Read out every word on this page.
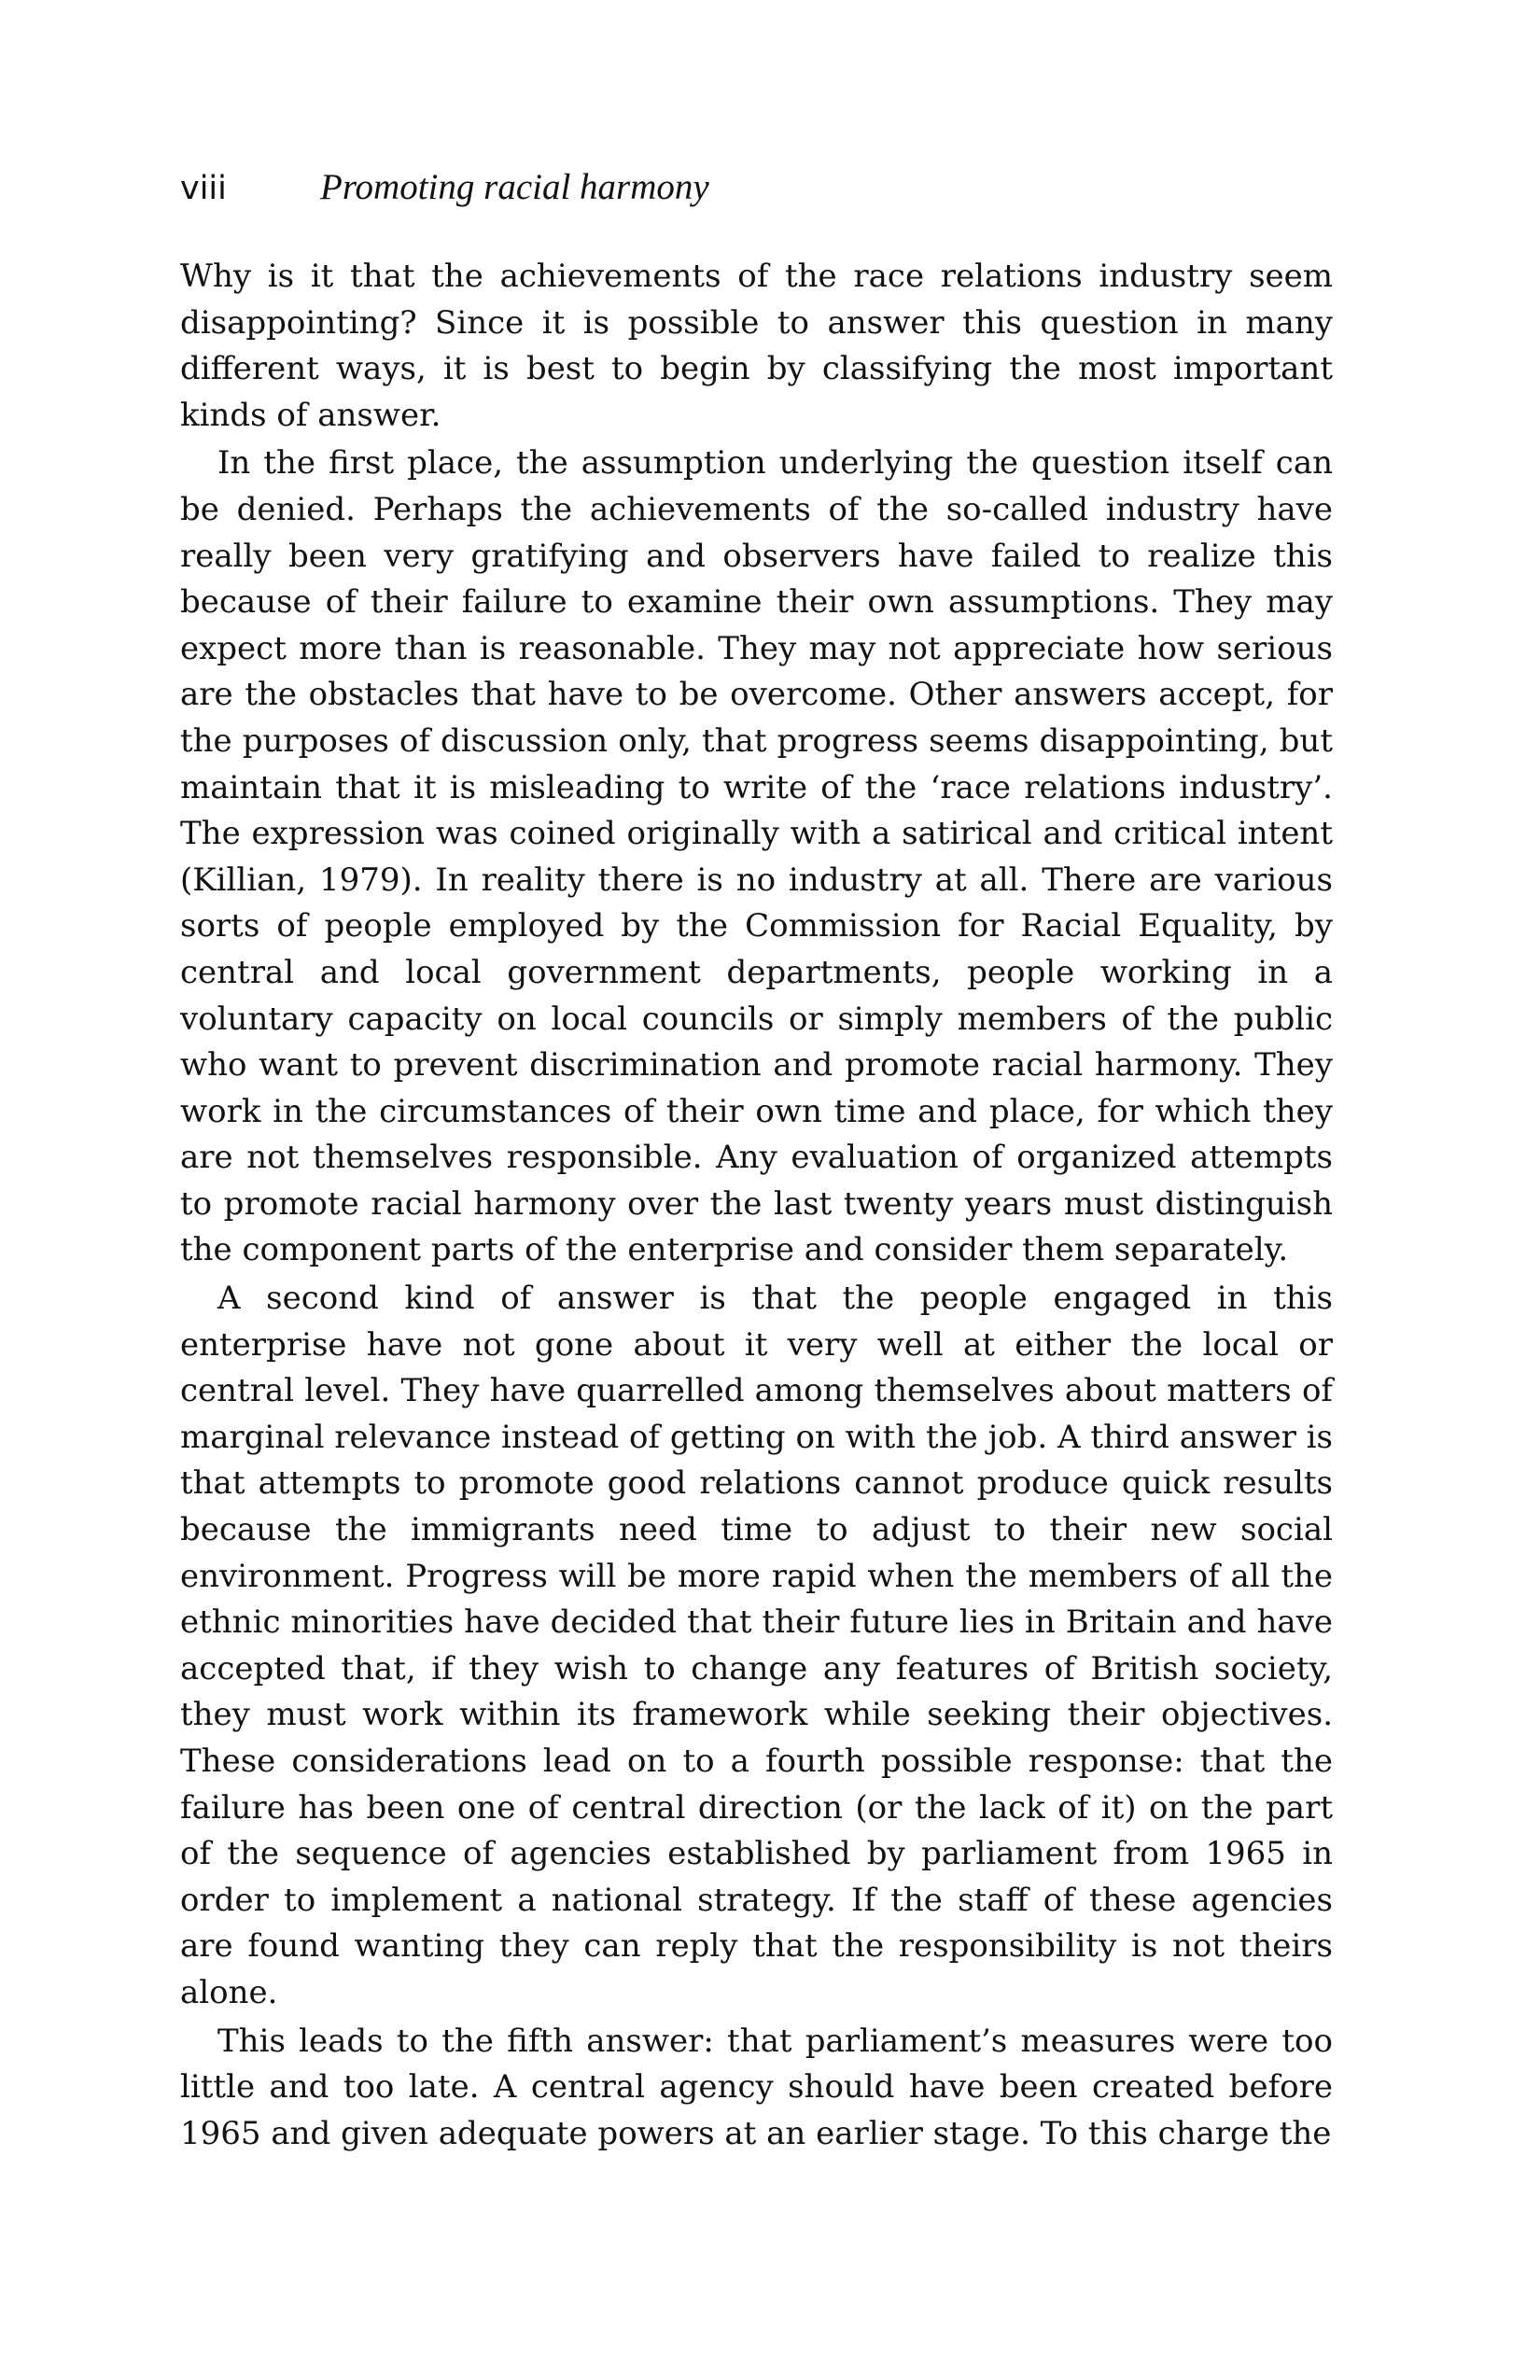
viii	Promoting racial harmony

Why is it that the achievements of the race relations industry seem disappointing? Since it is possible to answer this question in many different ways, it is best to begin by classifying the most important kinds of answer.

In the first place, the assumption underlying the question itself can be denied. Perhaps the achievements of the so-called industry have really been very gratifying and observers have failed to realize this because of their failure to examine their own assumptions. They may expect more than is reasonable. They may not appreciate how serious are the obstacles that have to be overcome. Other answers accept, for the purposes of discussion only, that progress seems disappointing, but maintain that it is misleading to write of the ‘race relations industry’. The expression was coined originally with a satirical and critical intent (Killian, 1979). In reality there is no industry at all. There are various sorts of people employed by the Commission for Racial Equality, by central and local government departments, people working in a voluntary capacity on local councils or simply members of the public who want to prevent discrimination and promote racial harmony. They work in the circumstances of their own time and place, for which they are not themselves responsible. Any evaluation of organized attempts to promote racial harmony over the last twenty years must distinguish the component parts of the enterprise and consider them separately.

A second kind of answer is that the people engaged in this enterprise have not gone about it very well at either the local or central level. They have quarrelled among themselves about matters of marginal relevance instead of getting on with the job. A third answer is that attempts to promote good relations cannot produce quick results because the immigrants need time to adjust to their new social environment. Progress will be more rapid when the members of all the ethnic minorities have decided that their future lies in Britain and have accepted that, if they wish to change any features of British society, they must work within its framework while seeking their objectives. These considerations lead on to a fourth possible response: that the failure has been one of central direction (or the lack of it) on the part of the sequence of agencies established by parliament from 1965 in order to implement a national strategy. If the staff of these agencies are found wanting they can reply that the responsibility is not theirs alone.

This leads to the fifth answer: that parliament’s measures were too little and too late. A central agency should have been created before 1965 and given adequate powers at an earlier stage. To this charge the
